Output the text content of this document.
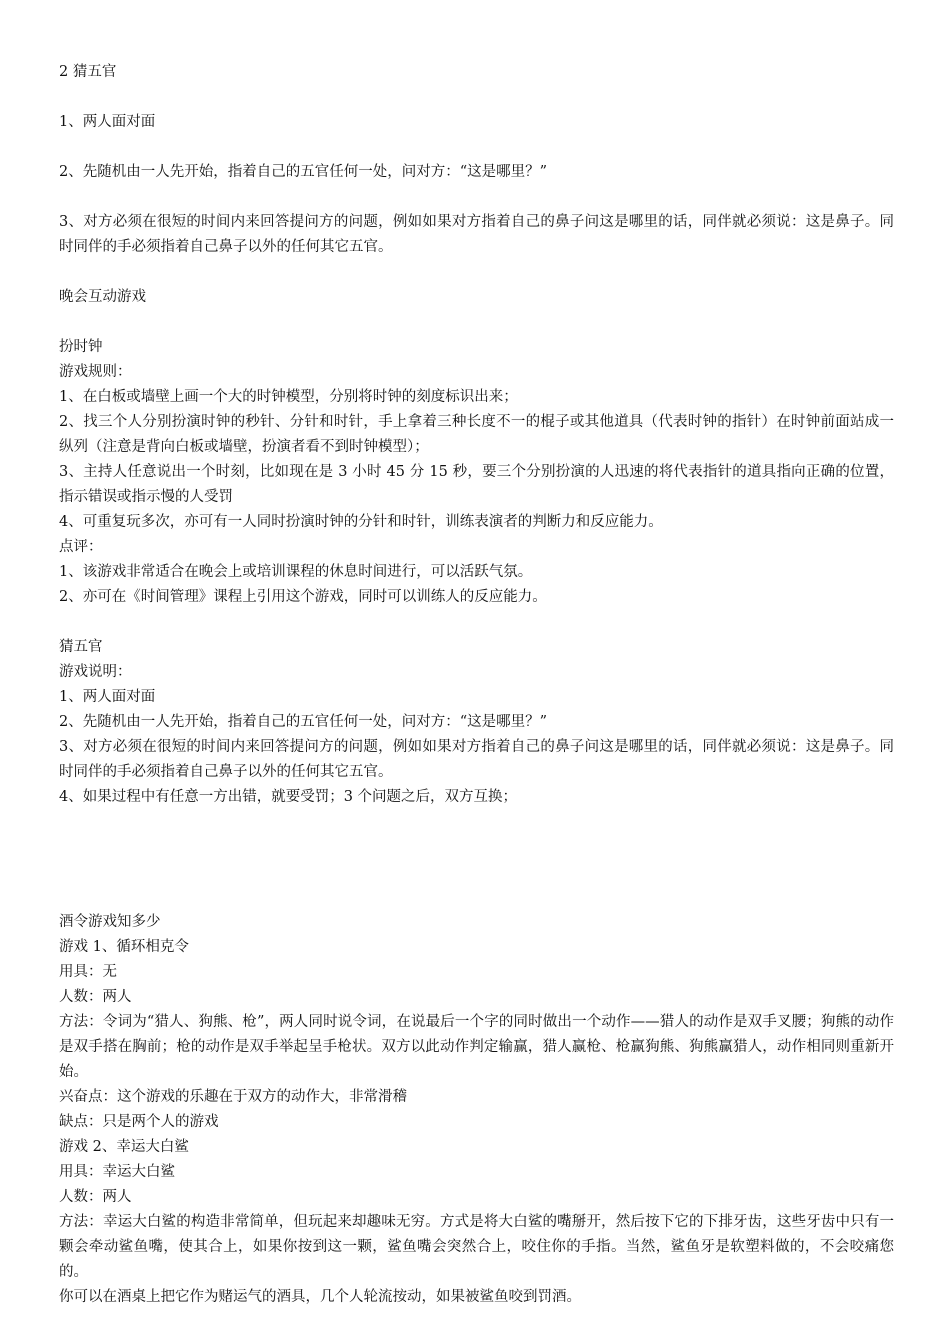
2 猜五官
1、两人面对面
2、先随机由一人先开始，指着自己的五官任何一处，问对方：“这是哪里？”
3、对方必须在很短的时间内来回答提问方的问题，例如如果对方指着自己的鼻子问这是哪里的话，同伴就必须说：这是鼻子。同时同伴的手必须指着自己鼻子以外的任何其它五官。
晚会互动游戏
扮时钟
游戏规则：
1、在白板或墙壁上画一个大的时钟模型，分别将时钟的刻度标识出来；
2、找三个人分别扮演时钟的秒针、分针和时针，手上拿着三种长度不一的棍子或其他道具（代表时钟的指针）在时钟前面站成一纵列（注意是背向白板或墙壁，扮演者看不到时钟模型）；
3、主持人任意说出一个时刻，比如现在是 3 小时 45 分 15 秒，要三个分别扮演的人迅速的将代表指针的道具指向正确的位置，指示错误或指示慢的人受罚
4、可重复玩多次，亦可有一人同时扮演时钟的分针和时针，训练表演者的判断力和反应能力。
点评：
1、该游戏非常适合在晚会上或培训课程的休息时间进行，可以活跃气氛。
2、亦可在《时间管理》课程上引用这个游戏，同时可以训练人的反应能力。
猜五官
游戏说明：
1、两人面对面
2、先随机由一人先开始，指着自己的五官任何一处，问对方：“这是哪里？”
3、对方必须在很短的时间内来回答提问方的问题，例如如果对方指着自己的鼻子问这是哪里的话，同伴就必须说：这是鼻子。同时同伴的手必须指着自己鼻子以外的任何其它五官。
4、如果过程中有任意一方出错，就要受罚；3 个问题之后，双方互换；
酒令游戏知多少
游戏 1、循环相克令
用具：无
人数：两人
方法：令词为“猎人、狗熊、枪”，两人同时说令词，在说最后一个字的同时做出一个动作——猎人的动作是双手叉腰；狗熊的动作是双手搭在胸前；枪的动作是双手举起呈手枪状。双方以此动作判定输赢，猎人赢枪、枪赢狗熊、狗熊赢猎人，动作相同则重新开始。
兴奋点：这个游戏的乐趣在于双方的动作大，非常滑稽
缺点：只是两个人的游戏
游戏 2、幸运大白鲨
用具：幸运大白鲨
人数：两人
方法：幸运大白鲨的构造非常简单，但玩起来却趣味无穷。方式是将大白鲨的嘴掰开，然后按下它的下排牙齿，这些牙齿中只有一颗会牵动鲨鱼嘴，使其合上，如果你按到这一颗，鲨鱼嘴会突然合上，咬住你的手指。当然，鲨鱼牙是软塑料做的，不会咬痛您的。
你可以在酒桌上把它作为赌运气的酒具，几个人轮流按动，如果被鲨鱼咬到罚酒。
